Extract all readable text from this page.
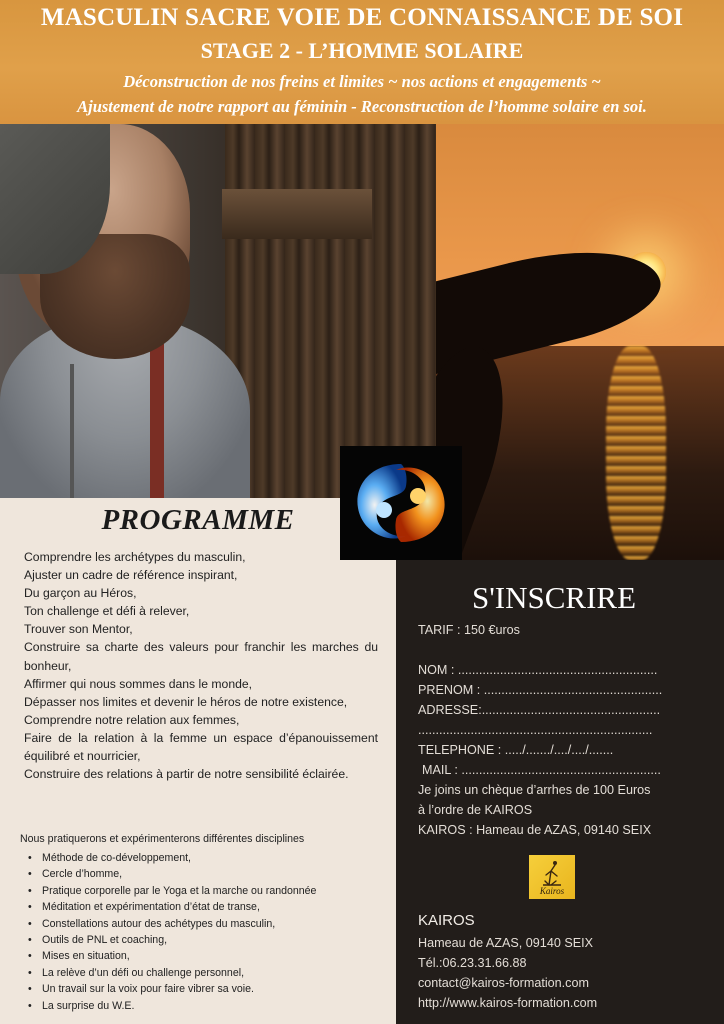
MASCULIN SACRE VOIE DE CONNAISSANCE DE SOI
STAGE 2 - L’HOMME SOLAIRE
Déconstruction de nos freins et limites ~ nos actions et engagements ~
Ajustement de notre rapport au féminin - Reconstruction de l’homme solaire en soi.
PROGRAMME
Comprendre les archétypes du masculin,
Ajuster un cadre de référence inspirant,
Du garçon au Héros,
Ton challenge et défi à relever,
Trouver son Mentor,
Construire sa charte des valeurs pour franchir les marches du bonheur,
Affirmer qui nous sommes dans le monde,
Dépasser nos limites et devenir le héros de notre existence,
Comprendre notre relation aux femmes,
Faire de la relation à la femme un espace d’épanouissement équilibré et nourricier,
Construire des relations à partir de notre sensibilité éclairée.
Nous pratiquerons et expérimenterons différentes disciplines
• Méthode de co-développement,
• Cercle d’homme,
• Pratique corporelle par le Yoga et la marche ou randonnée
• Méditation et expérimentation d’état de transe,
• Constellations autour des achétypes du masculin,
• Outils de PNL et coaching,
• Mises en situation,
• La relève d’un défi ou challenge personnel,
• Un travail sur la voix pour faire vibrer sa voie.
• La surprise du W.E.
S'INSCRIRE
TARIF : 150 €uros
NOM : .........................................................
PRENOM : ...................................................
ADRESSE:...................................................
...................................................................
TELEPHONE : ...../......./..../..../.......
MAIL : .........................................................
Je joins un chèque d’arrhes de 100 Euros
à l’ordre de KAIROS
KAIROS : Hameau de AZAS, 09140 SEIX
Kairos
KAIROS
Hameau de AZAS, 09140 SEIX
Tél.:06.23.31.66.88
contact@kairos-formation.com
http://www.kairos-formation.com
